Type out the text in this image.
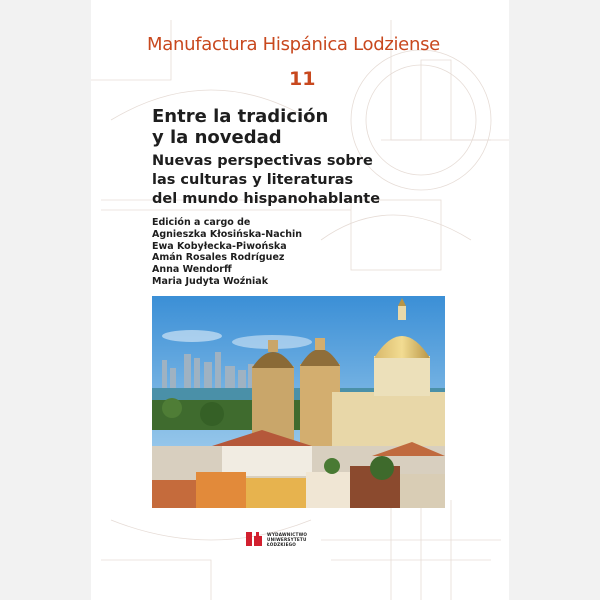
Manufactura Hispánica Lodziense
11
Entre la tradición
y la novedad
Nuevas perspectivas sobre
las culturas y literaturas
del mundo hispanohablante
Edición a cargo de
Agnieszka Kłosińska-Nachin
Ewa Kobyłecka-Piwońska
Amán Rosales Rodríguez
Anna Wendorff
Maria Judyta Woźniak
WYDAWNICTWO
UNIWERSYTETU
ŁÓDZKIEGO
